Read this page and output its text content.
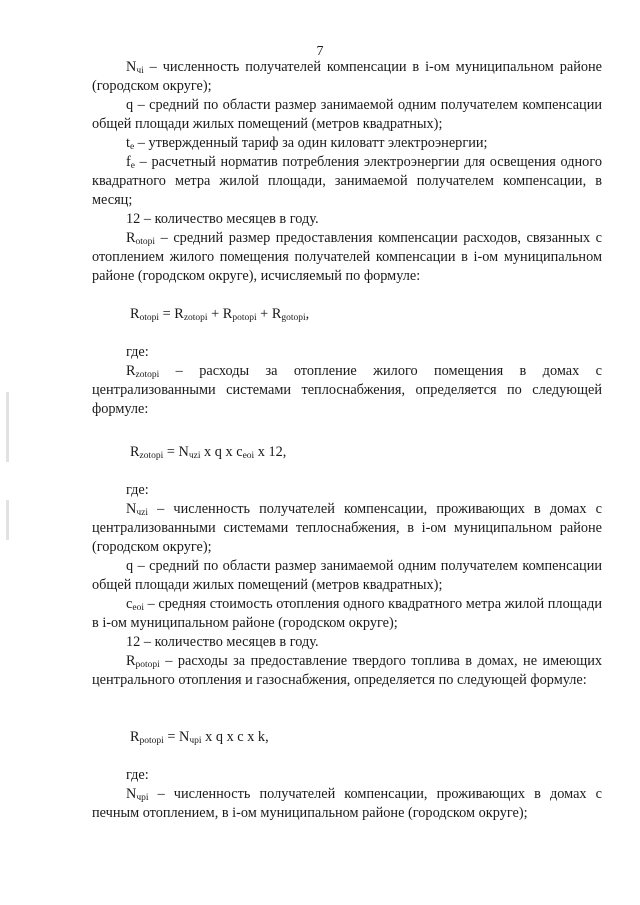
7

$N_{чi}$ – численность получателей компенсации в i-ом муниципальном районе (городском округе);

q – средний по области размер занимаемой одним получателем компенсации общей площади жилых помещений (метров квадратных);

$t_e$ – утвержденный тариф за один киловатт электроэнергии;

$f_e$ – расчетный норматив потребления электроэнергии для освещения одного квадратного метра жилой площади, занимаемой получателем компенсации, в месяц;

12 – количество месяцев в году.

$R_{otopi}$ – средний размер предоставления компенсации расходов, связанных с отоплением жилого помещения получателей компенсации в i-ом муниципальном районе (городском округе), исчисляемый по формуле:

$R_{otopi} = R_{zotopi} + R_{potopi} + R_{gotopi}$,

где:

$R_{zotopi}$ – расходы за отопление жилого помещения в домах с централизованными системами теплоснабжения, определяется по следующей формуле:

$R_{zotopi} = N_{чzi}$ x q x $c_{eoi}$ x 12,

где:

$N_{чzi}$ – численность получателей компенсации, проживающих в домах с централизованными системами теплоснабжения, в i-ом муниципальном районе (городском округе);

q – средний по области размер занимаемой одним получателем компенсации общей площади жилых помещений (метров квадратных);

$c_{eoi}$ – средняя стоимость отопления одного квадратного метра жилой площади в i-ом муниципальном районе (городском округе);

12 – количество месяцев в году.

$R_{potopi}$ – расходы за предоставление твердого топлива в домах, не имеющих центрального отопления и газоснабжения, определяется по следующей формуле:

$R_{potopi} = N_{чpi}$ x q x c x k,

где:

$N_{чpi}$ – численность получателей компенсации, проживающих в домах с печным отоплением, в i-ом муниципальном районе (городском округе);
